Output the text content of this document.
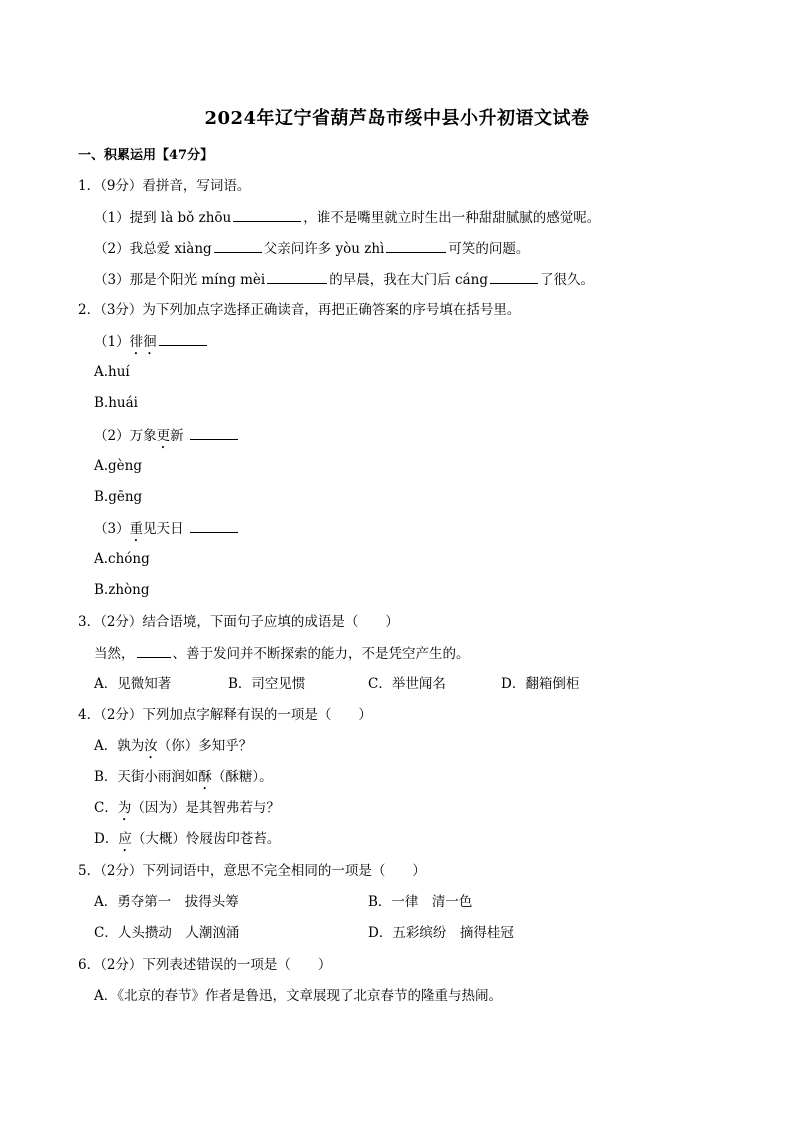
2024年辽宁省葫芦岛市绥中县小升初语文试卷
一、积累运用【47分】
1．（9分）看拼音，写词语。
（1）提到 là bǒ zhōu	，谁不是嘴里就立时生出一种甜甜腻腻的感觉呢。
（2）我总爱 xiàng	父亲问许多 yòu zhì	可笑的问题。
（3）那是个阳光 míng mèi	的早晨，我在大门后 cáng	了很久。
2．（3分）为下列加点字选择正确读音，再把正确答案的序号填在括号里。
（1）徘徊
A.huí
B.huái
（2）万象更新
A.gèng
B.gēng
（3）重见天日
A.chóng
B.zhòng
3．（2分）结合语境，下面句子应填的成语是（　　）
当然，	、善于发问并不断探索的能力，不是凭空产生的。
A．见微知著	B．司空见惯	C．举世闻名	D．翻箱倒柜
4．（2分）下列加点字解释有误的一项是（　　）
A．孰为汝（你）多知乎？
B．天街小雨润如酥（酥糖）。
C．为（因为）是其智弗若与？
D．应（大概）怜屐齿印苍苔。
5．（2分）下列词语中，意思不完全相同的一项是（　　）
A．勇夺第一　拔得头筹	B．一律　清一色
C．人头攒动　人潮汹涌	D．五彩缤纷　摘得桂冠
6．（2分）下列表述错误的一项是（　　）
A．《北京的春节》作者是鲁迅，文章展现了北京春节的隆重与热闹。
